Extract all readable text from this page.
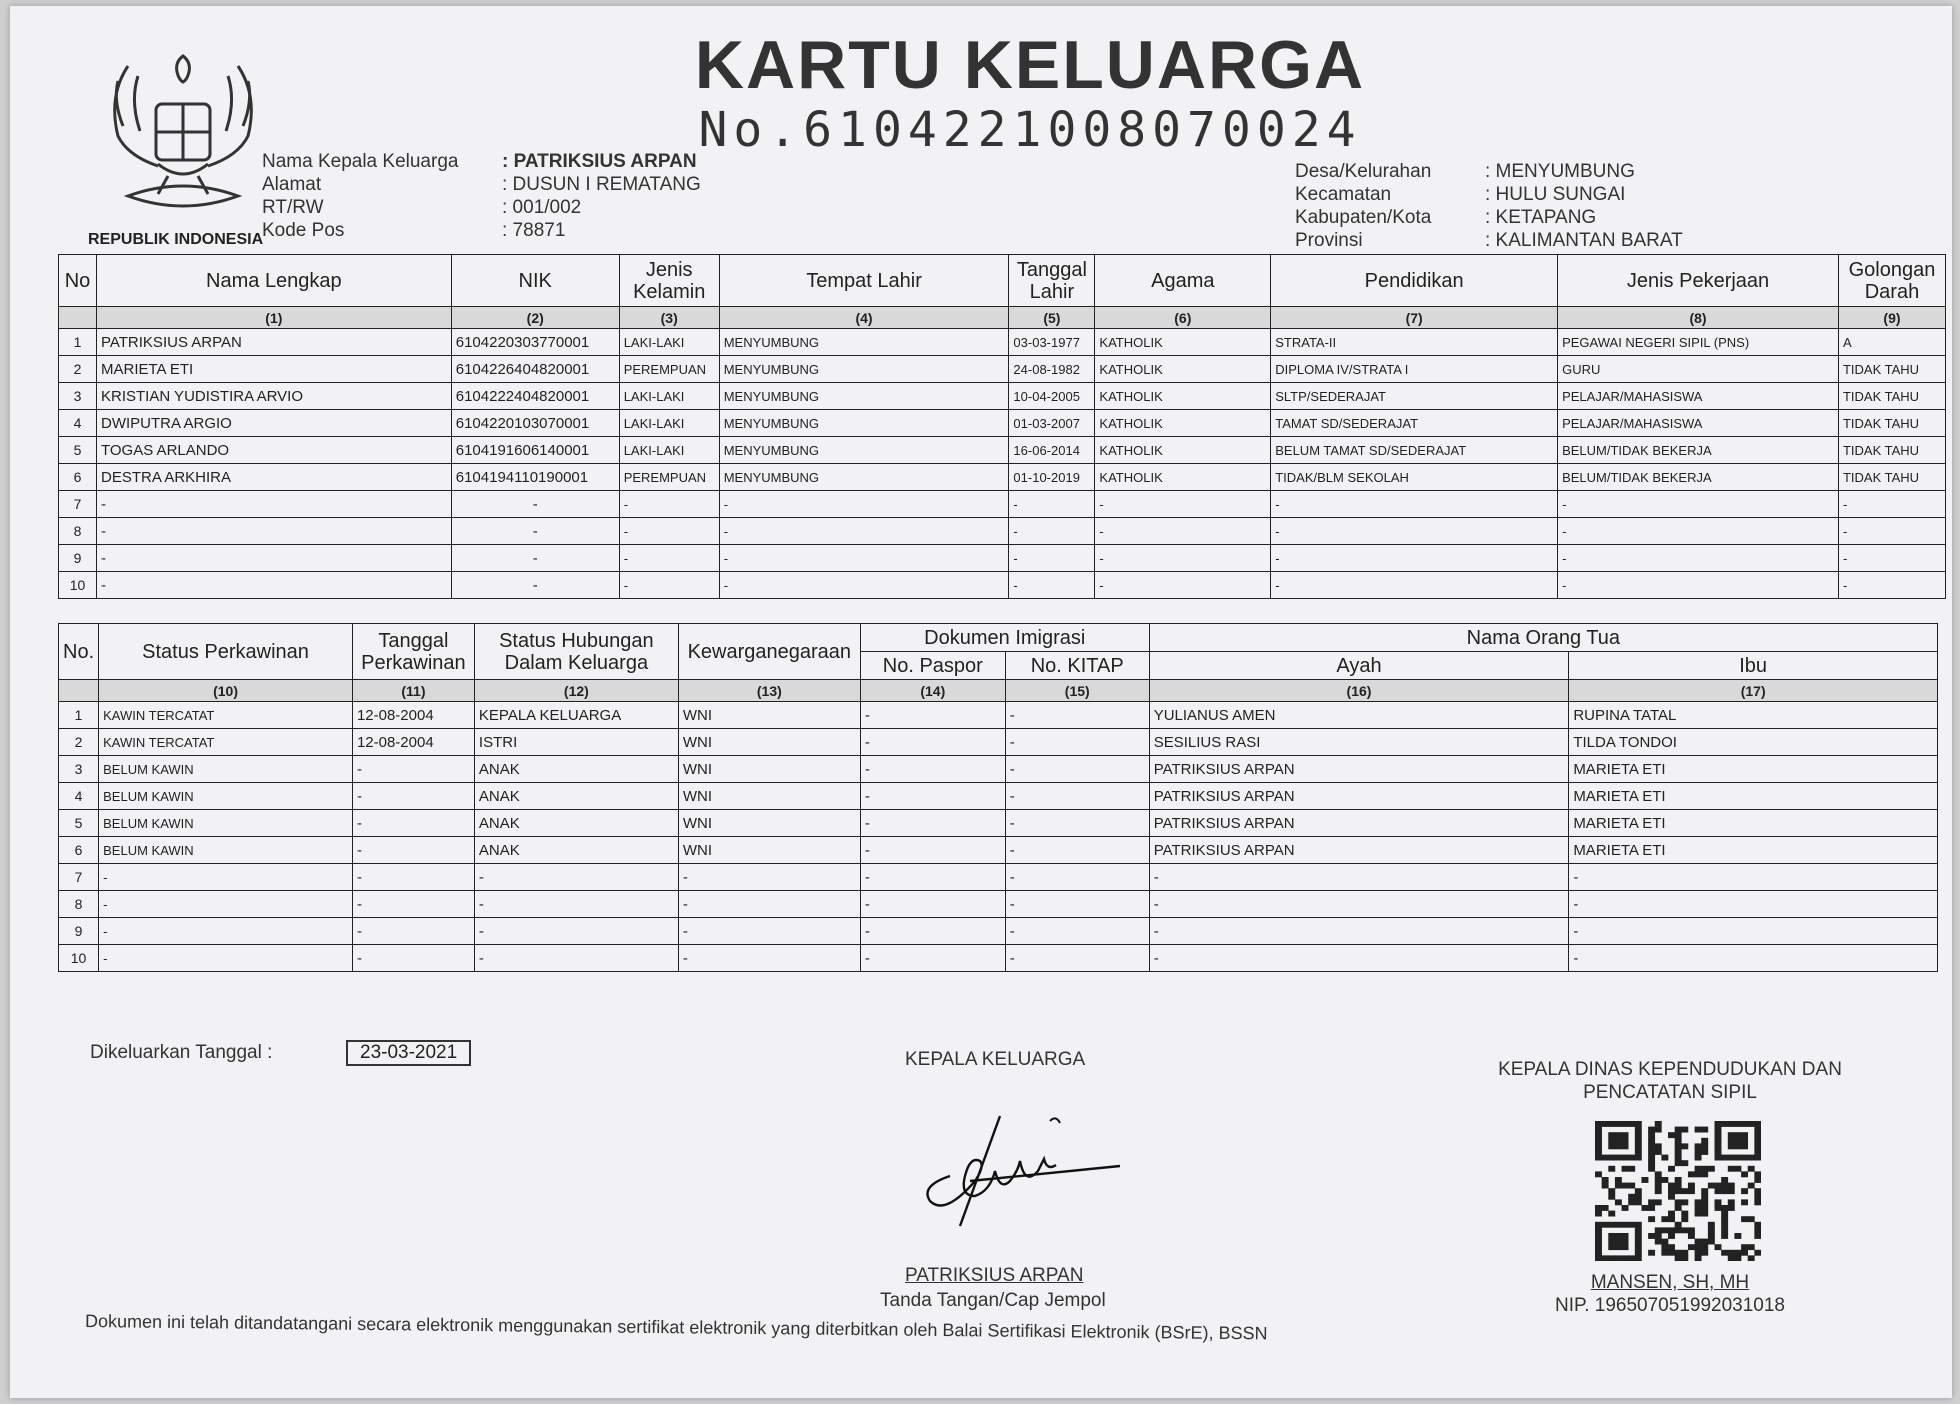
REPUBLIK INDONESIA
KARTU KELUARGA
No.6104221008070024
Nama Kepala Keluarga	: PATRIKSIUS ARPAN
Alamat	: DUSUN I REMATANG
RT/RW	: 001/002
Kode Pos	: 78871
Desa/Kelurahan	: MENYUMBUNG
Kecamatan	: HULU SUNGAI
Kabupaten/Kota	: KETAPANG
Provinsi	: KALIMANTAN BARAT
No	Nama Lengkap	NIK	Jenis Kelamin	Tempat Lahir	Tanggal Lahir	Agama	Pendidikan	Jenis Pekerjaan	Golongan Darah
	(1)	(2)	(3)	(4)	(5)	(6)	(7)	(8)	(9)
1	PATRIKSIUS ARPAN	6104220303770001	LAKI-LAKI	MENYUMBUNG	03-03-1977	KATHOLIK	STRATA-II	PEGAWAI NEGERI SIPIL (PNS)	A
2	MARIETA ETI	6104226404820001	PEREMPUAN	MENYUMBUNG	24-08-1982	KATHOLIK	DIPLOMA IV/STRATA I	GURU	TIDAK TAHU
3	KRISTIAN YUDISTIRA ARVIO	6104222404820001	LAKI-LAKI	MENYUMBUNG	10-04-2005	KATHOLIK	SLTP/SEDERAJAT	PELAJAR/MAHASISWA	TIDAK TAHU
4	DWIPUTRA ARGIO	6104220103070001	LAKI-LAKI	MENYUMBUNG	01-03-2007	KATHOLIK	TAMAT SD/SEDERAJAT	PELAJAR/MAHASISWA	TIDAK TAHU
5	TOGAS ARLANDO	6104191606140001	LAKI-LAKI	MENYUMBUNG	16-06-2014	KATHOLIK	BELUM TAMAT SD/SEDERAJAT	BELUM/TIDAK BEKERJA	TIDAK TAHU
6	DESTRA ARKHIRA	6104194110190001	PEREMPUAN	MENYUMBUNG	01-10-2019	KATHOLIK	TIDAK/BLM SEKOLAH	BELUM/TIDAK BEKERJA	TIDAK TAHU
7	-	-	-	-	-	-	-	-	-
8	-	-	-	-	-	-	-	-	-
9	-	-	-	-	-	-	-	-	-
10	-	-	-	-	-	-	-	-	-
No.	Status Perkawinan	Tanggal Perkawinan	Status Hubungan Dalam Keluarga	Kewarganegaraan	Dokumen Imigrasi		Nama Orang Tua	
					No. Paspor	No. KITAP	Ayah	Ibu
	(10)	(11)	(12)	(13)	(14)	(15)	(16)	(17)
1	KAWIN TERCATAT	12-08-2004	KEPALA KELUARGA	WNI	-	-	YULIANUS AMEN	RUPINA TATAL
2	KAWIN TERCATAT	12-08-2004	ISTRI	WNI	-	-	SESILIUS RASI	TILDA TONDOI
3	BELUM KAWIN	-	ANAK	WNI	-	-	PATRIKSIUS ARPAN	MARIETA ETI
4	BELUM KAWIN	-	ANAK	WNI	-	-	PATRIKSIUS ARPAN	MARIETA ETI
5	BELUM KAWIN	-	ANAK	WNI	-	-	PATRIKSIUS ARPAN	MARIETA ETI
6	BELUM KAWIN	-	ANAK	WNI	-	-	PATRIKSIUS ARPAN	MARIETA ETI
7	-	-	-	-	-	-	-	-
8	-	-	-	-	-	-	-	-
9	-	-	-	-	-	-	-	-
10	-	-	-	-	-	-	-	-
Dikeluarkan Tanggal :	23-03-2021	KEPALA KELUARGA
PATRIKSIUS ARPAN
Tanda Tangan/Cap Jempol
KEPALA DINAS KEPENDUDUKAN DAN
PENCATATAN SIPIL
MANSEN, SH, MH
NIP. 196507051992031018
Dokumen ini telah ditandatangani secara elektronik menggunakan sertifikat elektronik yang diterbitkan oleh Balai Sertifikasi Elektronik (BSrE), BSSN
